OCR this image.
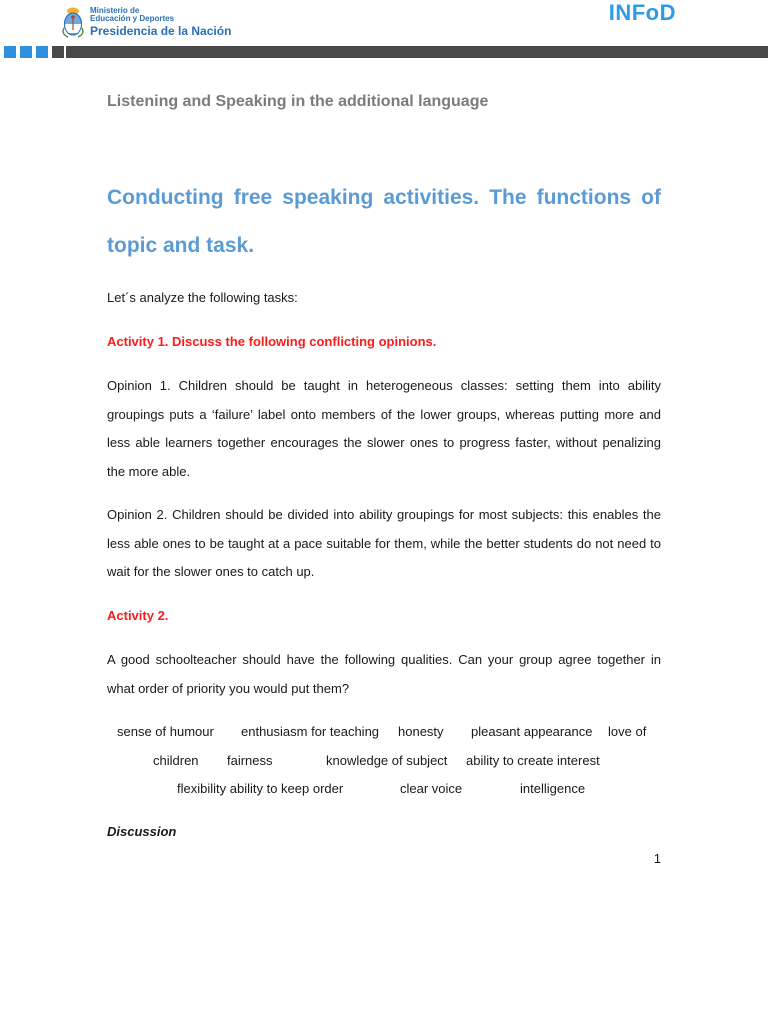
Ministerio de
Educación y Deportes
Presidencia de la Nación
INFoD
Listening and Speaking in the additional language
Conducting free speaking activities. The functions of topic and task.
Let´s analyze the following tasks:
Activity 1. Discuss the following conflicting opinions.
Opinion 1. Children should be taught in heterogeneous classes: setting them into ability groupings puts a ‘failure’ label onto members of the lower groups, whereas putting more and less able learners together encourages the slower ones to progress faster, without penalizing the more able.
Opinion 2. Children should be divided into ability groupings for most subjects: this enables the less able ones to be taught at a pace suitable for them, while the better students do not need to wait for the slower ones to catch up.
Activity 2.
A good schoolteacher should have the following qualities. Can your group agree together in what order of priority you would put them?
sense of humour enthusiasm for teaching honesty pleasant appearance love of
children fairness	knowledge of subject ability to create interest
flexibility ability to keep order	clear voice	intelligence
Discussion
1
